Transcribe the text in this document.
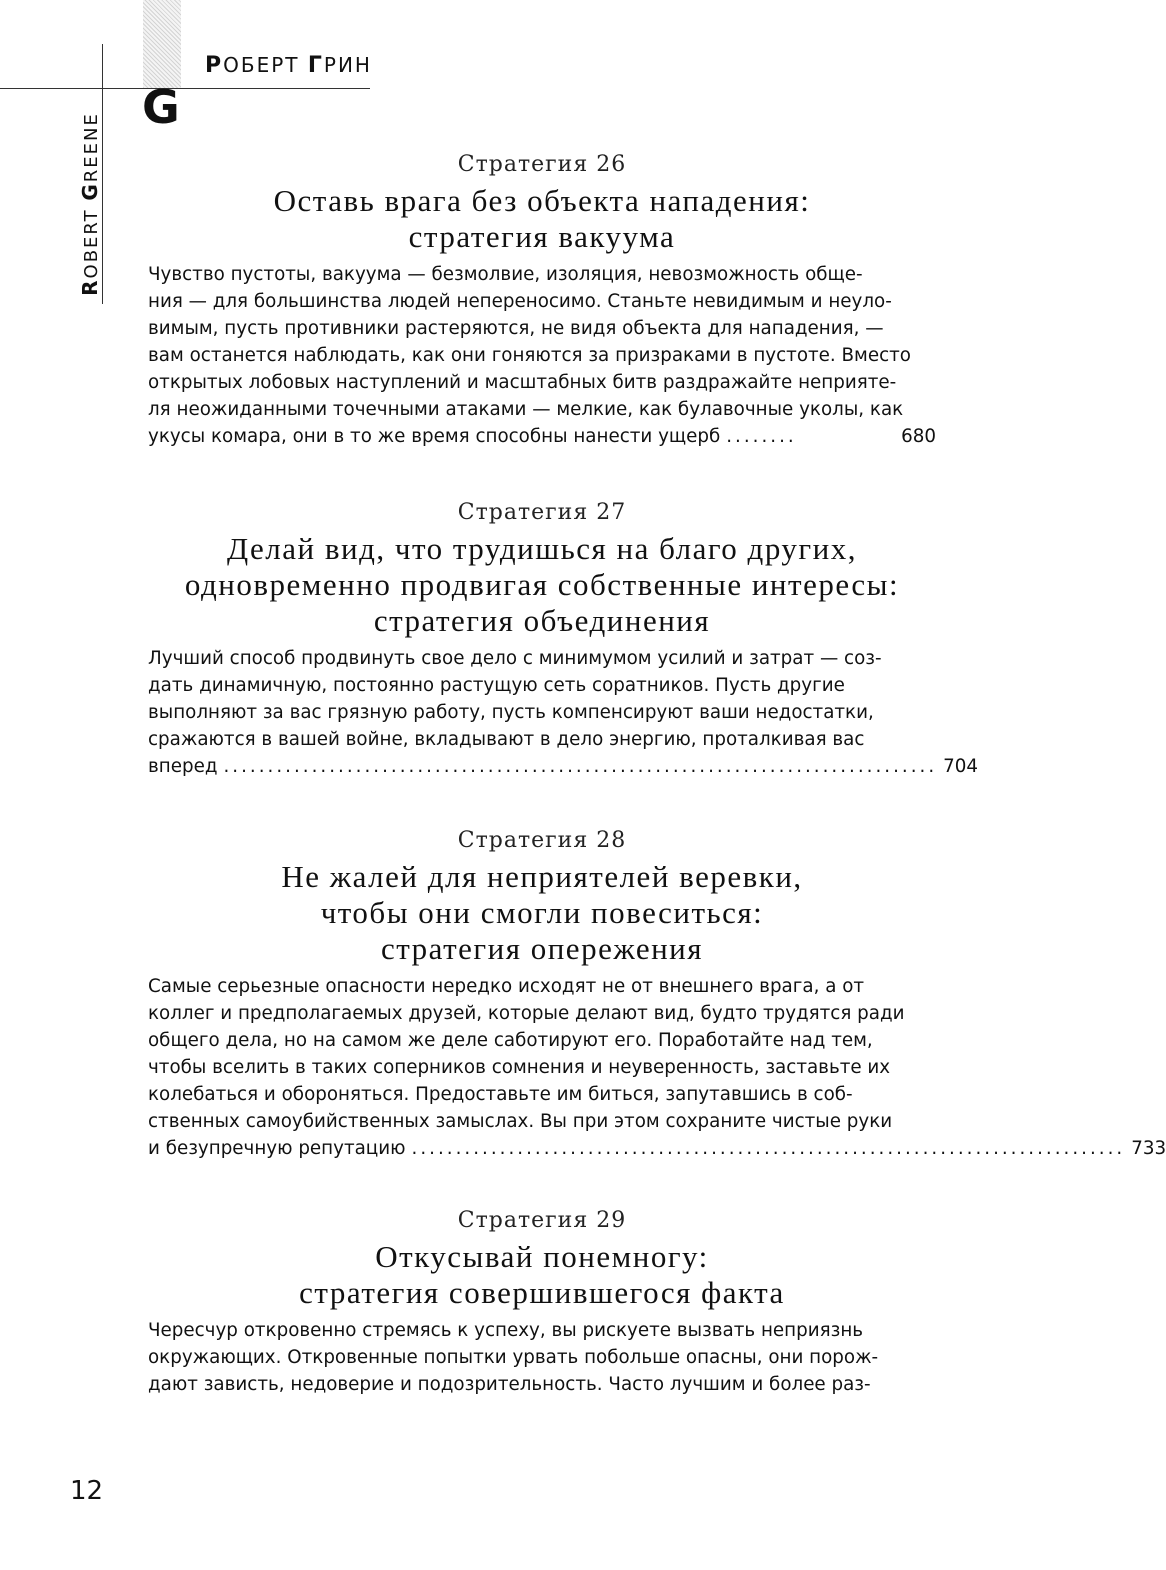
РОБЕРТ ГРИН
G
ROBERT GREENE	Стратегия 26

Оставь врага без объекта нападения:
стратегия вакуума
Чувство пустоты, вакуума — безмолвие, изоляция, невозможность обще-
ния — для большинства людей непереносимо. Станьте невидимым и неуло-
вимым, пусть противники растеряются, не видя объекта для нападения, —
вам останется наблюдать, как они гоняются за призраками в пустоте. Вместо
открытых лобовых наступлений и масштабных битв раздражайте неприяте-
ля неожиданными точечными атаками — мелкие, как булавочные уколы, как
укусы комара, они в то же время способны нанести ущерб ........	680

Стратегия 27

Делай вид, что трудишься на благо других,
одновременно продвигая собственные интересы:
стратегия объединения
Лучший способ продвинуть свое дело с минимумом усилий и затрат — соз-
дать динамичную, постоянно растущую сеть соратников. Пусть другие
выполняют за вас грязную работу, пусть компенсируют ваши недостатки,
сражаются в вашей войне, вкладывают в дело энергию, проталкивая вас
вперед ................................................................................. 704

Стратегия 28

Не жалей для неприятелей веревки,
чтобы они смогли повеситься:
стратегия опережения
Самые серьезные опасности нередко исходят не от внешнего врага, а от
коллег и предполагаемых друзей, которые делают вид, будто трудятся ради
общего дела, но на самом же деле саботируют его. Поработайте над тем,
чтобы вселить в таких соперников сомнения и неуверенность, заставьте их
колебаться и обороняться. Предоставьте им биться, запутавшись в соб-
ственных самоубийственных замыслах. Вы при этом сохраните чистые руки
и безупречную репутацию ................................................................................. 733

Стратегия 29

Откусывай понемногу:
стратегия совершившегося факта
Чересчур откровенно стремясь к успеху, вы рискуете вызвать неприязнь
окружающих. Откровенные попытки урвать побольше опасны, они порож-
дают зависть, недоверие и подозрительность. Часто лучшим и более раз-
12
